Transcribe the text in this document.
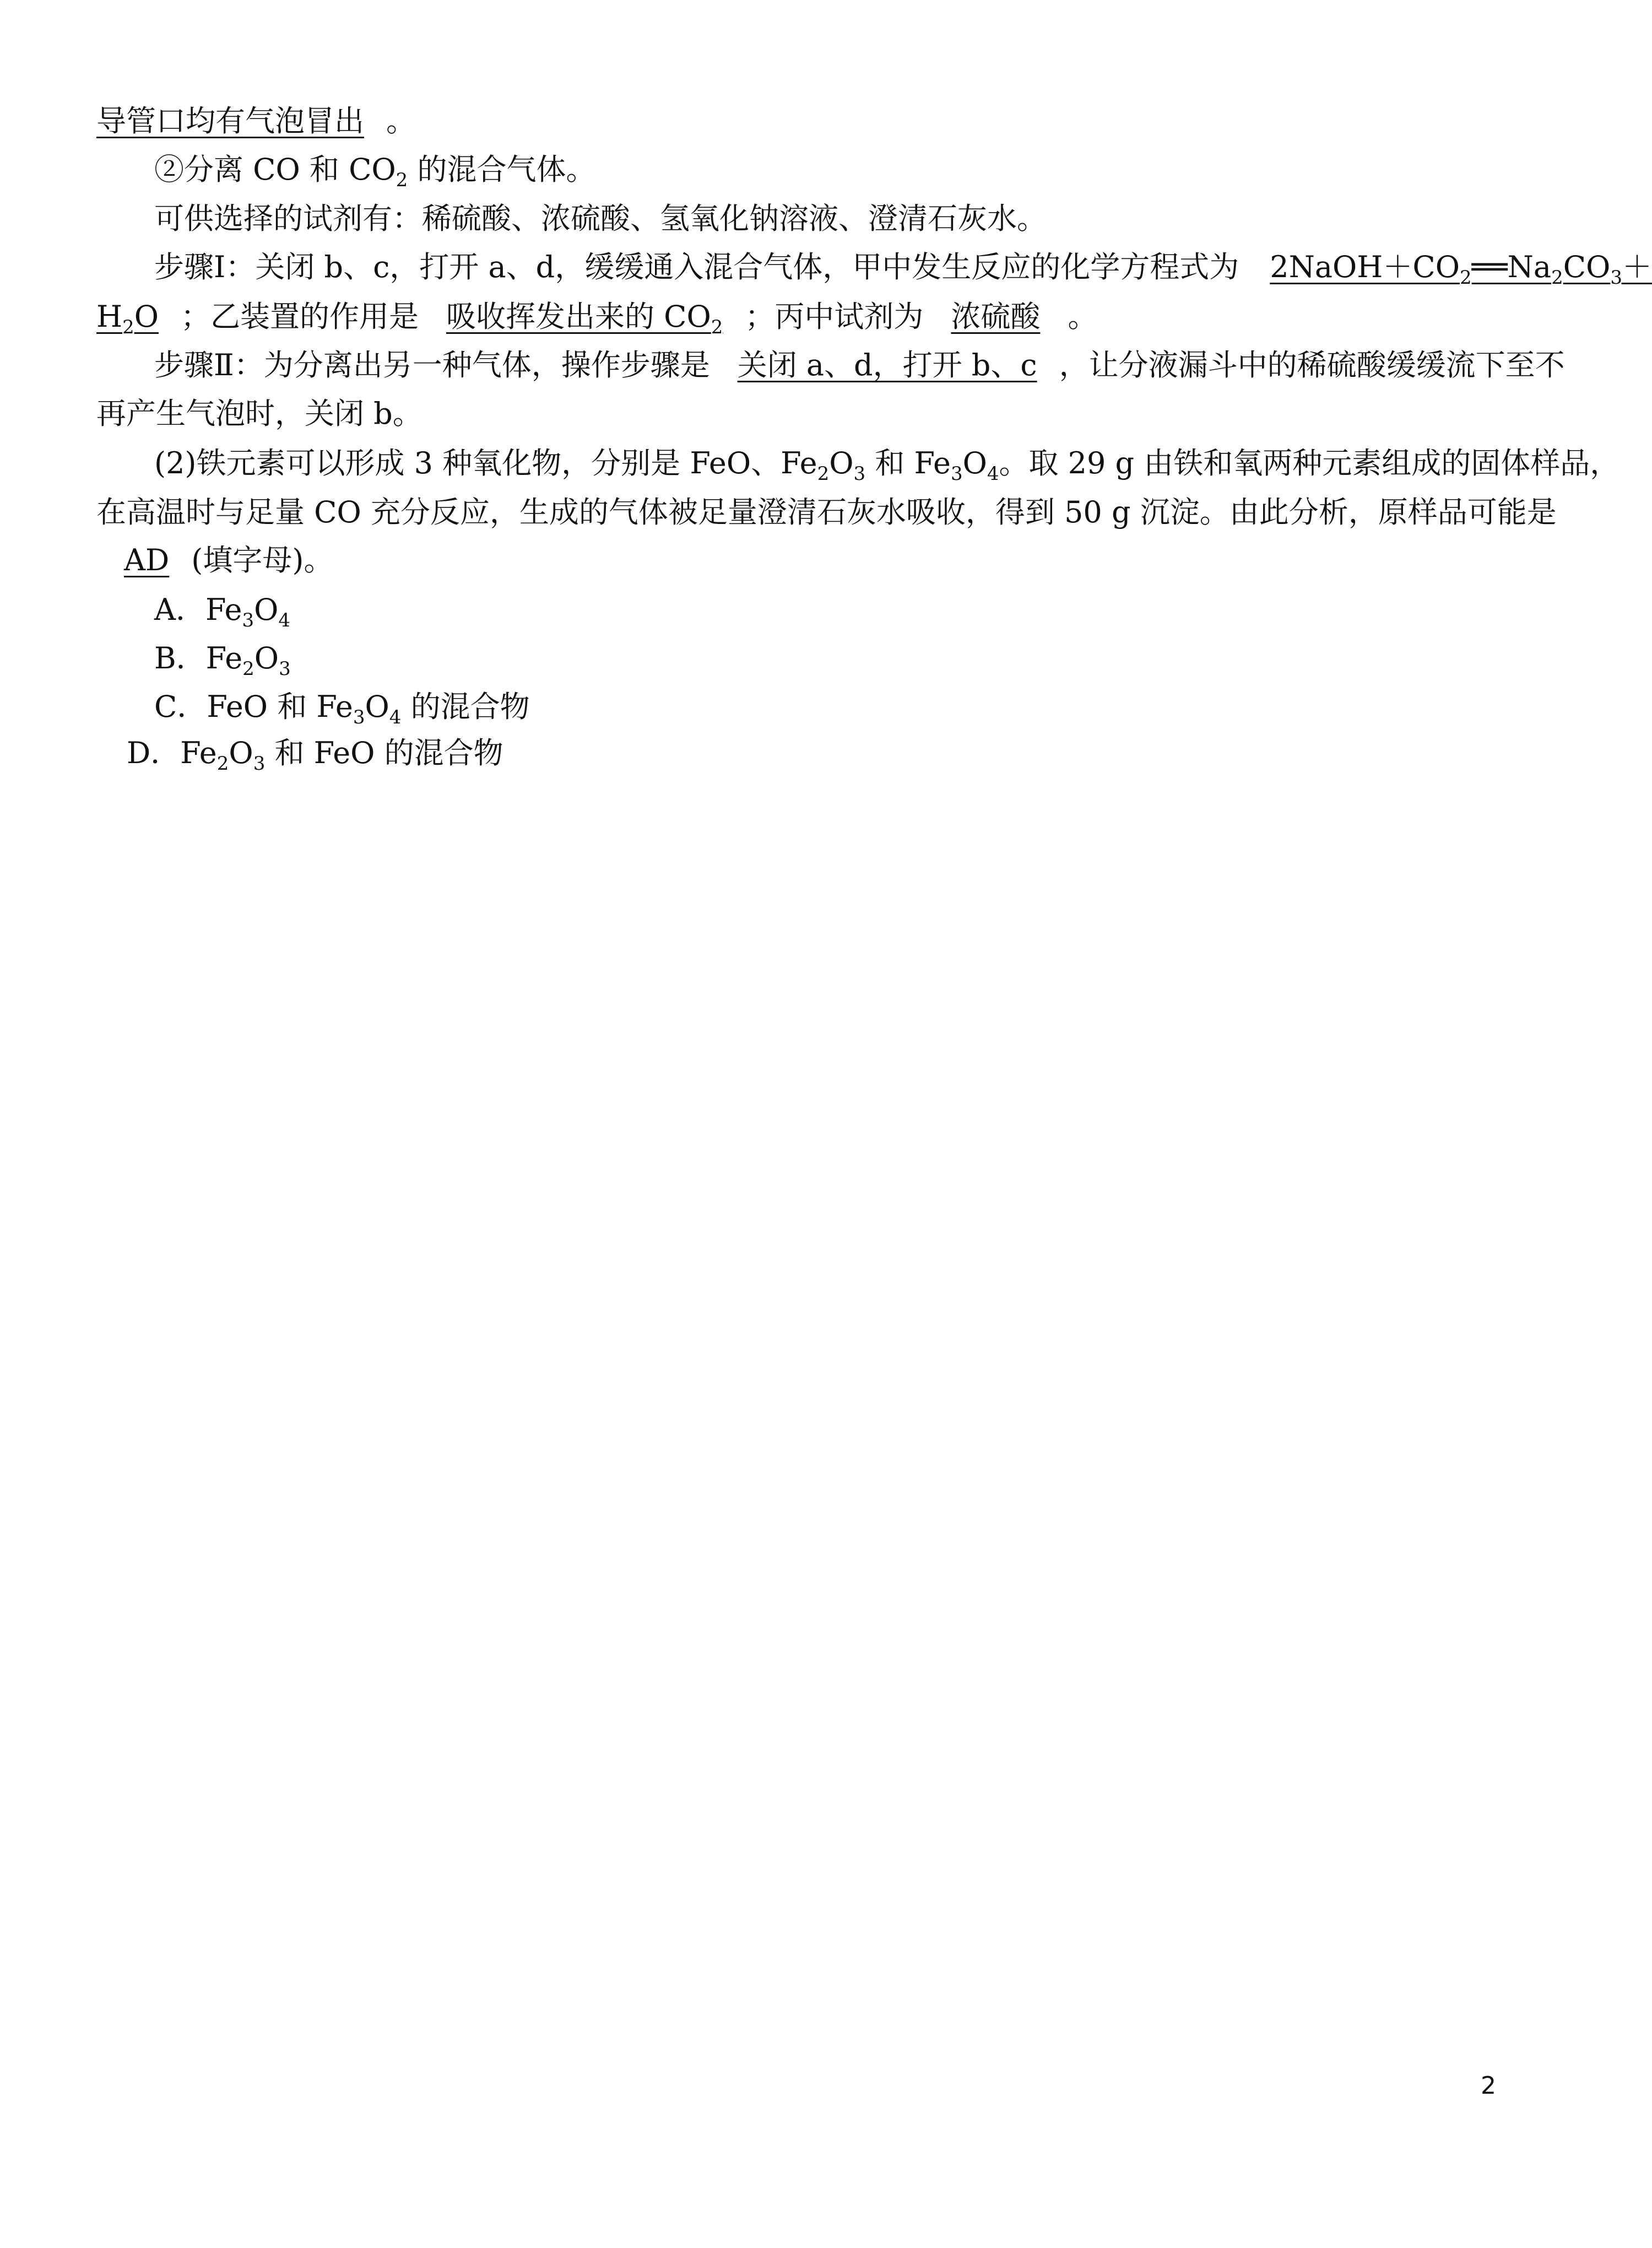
导管口均有气泡冒出 。
②分离 CO 和 $CO_2$ 的混合气体。
可供选择的试剂有：稀硫酸、浓硫酸、氢氧化钠溶液、澄清石灰水。
步骤Ⅰ：关闭 b、c，打开 a、d，缓缓通入混合气体，甲中发生反应的化学方程式为 $2NaOH+CO_2══Na_2CO_3+$
$H_2O$ ；乙装置的作用是 吸收挥发出来的 $CO_2$ ；丙中试剂为 浓硫酸 。
步骤Ⅱ：为分离出另一种气体，操作步骤是 关闭 a、d，打开 b、c ，让分液漏斗中的稀硫酸缓缓流下至不
再产生气泡时，关闭 b。
(2)铁元素可以形成 3 种氧化物，分别是 FeO、$Fe_2O_3$ 和 $Fe_3O_4$。取 29 g 由铁和氧两种元素组成的固体样品，
在高温时与足量 CO 充分反应，生成的气体被足量澄清石灰水吸收，得到 50 g 沉淀。由此分析，原样品可能是
AD (填字母)。
A．$Fe_3O_4$
B．$Fe_2O_3$
C．FeO 和 $Fe_3O_4$ 的混合物
D．$Fe_2O_3$ 和 FeO 的混合物
2
